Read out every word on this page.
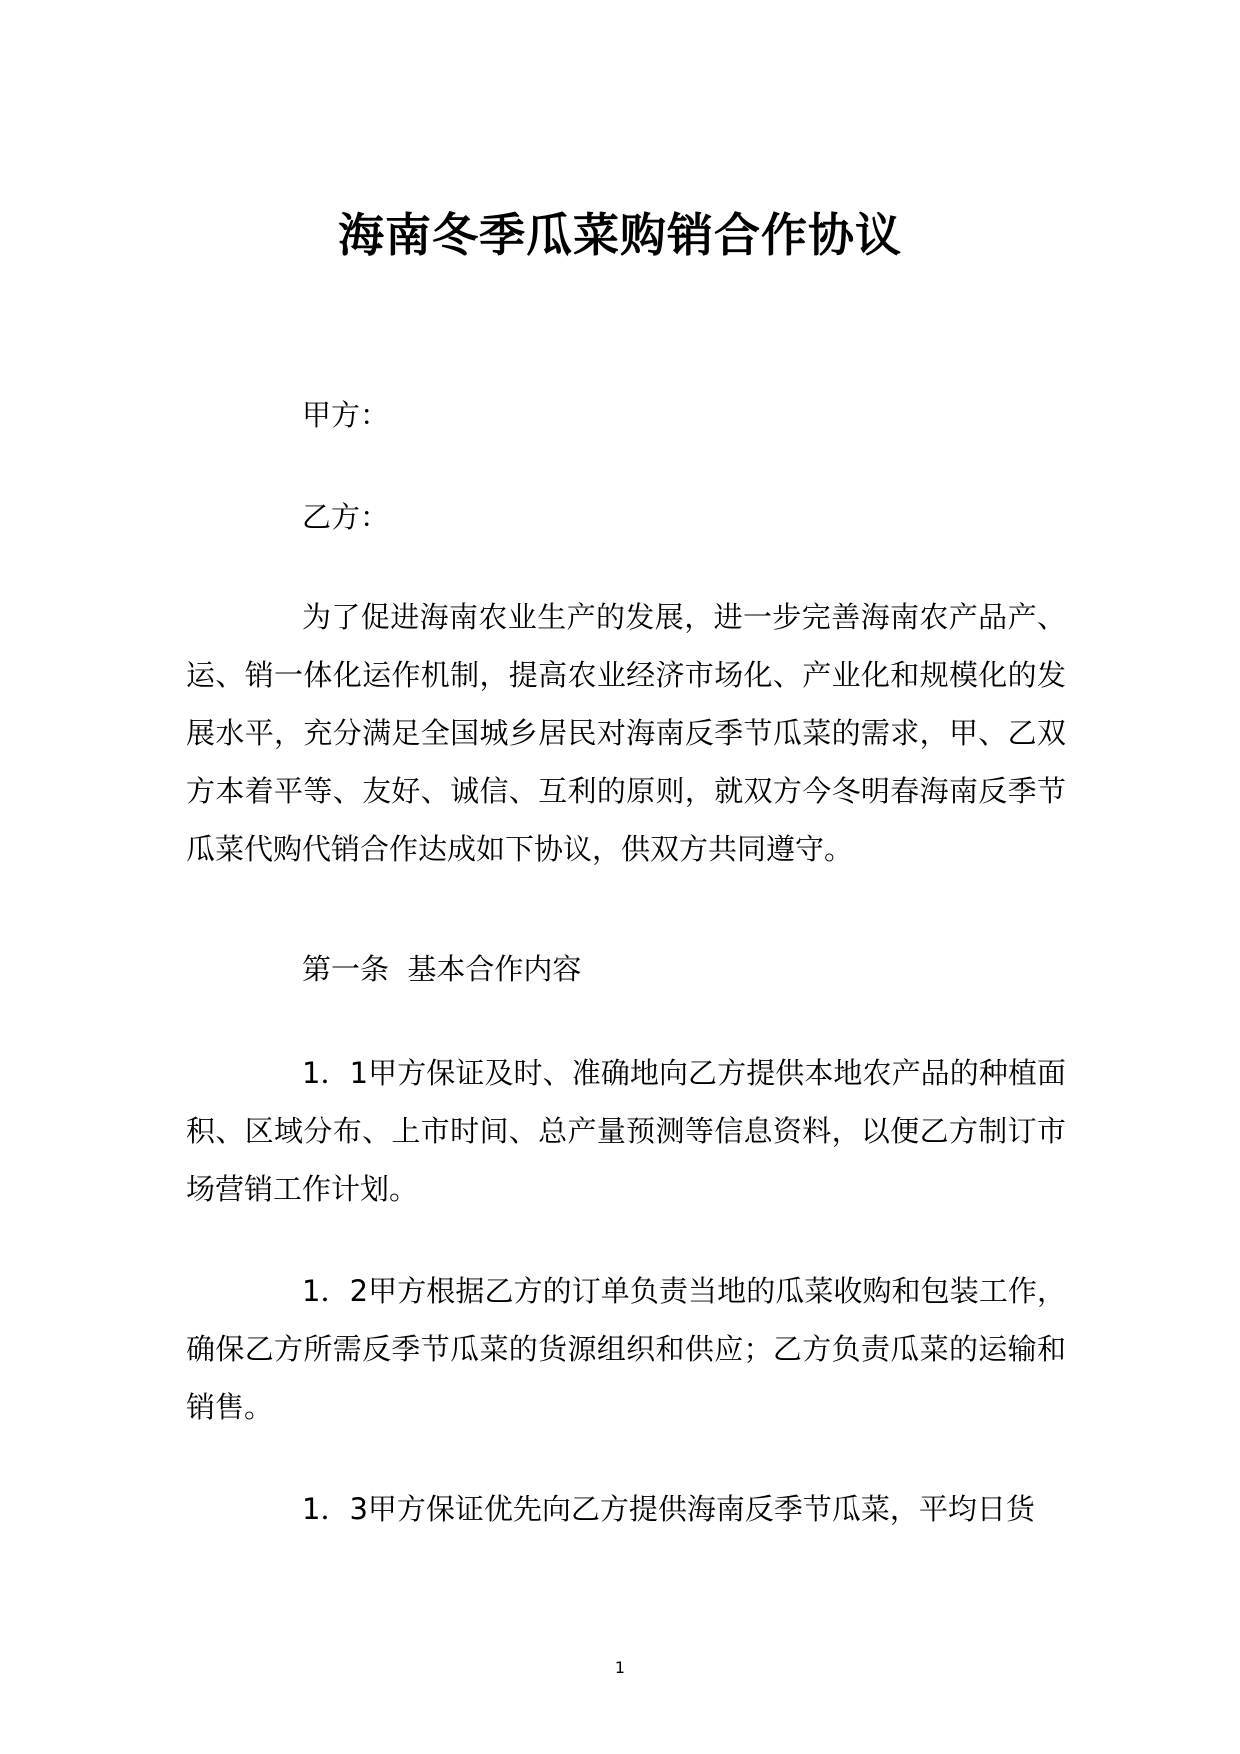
海南冬季瓜菜购销合作协议

甲方：

乙方：

为了促进海南农业生产的发展，进一步完善海南农产品产、运、销一体化运作机制，提高农业经济市场化、产业化和规模化的发展水平，充分满足全国城乡居民对海南反季节瓜菜的需求，甲、乙双方本着平等、友好、诚信、互利的原则，就双方今冬明春海南反季节瓜菜代购代销合作达成如下协议，供双方共同遵守。

第一条  基本合作内容

1．1甲方保证及时、准确地向乙方提供本地农产品的种植面积、区域分布、上市时间、总产量预测等信息资料，以便乙方制订市场营销工作计划。

1．2甲方根据乙方的订单负责当地的瓜菜收购和包装工作，确保乙方所需反季节瓜菜的货源组织和供应；乙方负责瓜菜的运输和销售。

1．3甲方保证优先向乙方提供海南反季节瓜菜，平均日货

1
